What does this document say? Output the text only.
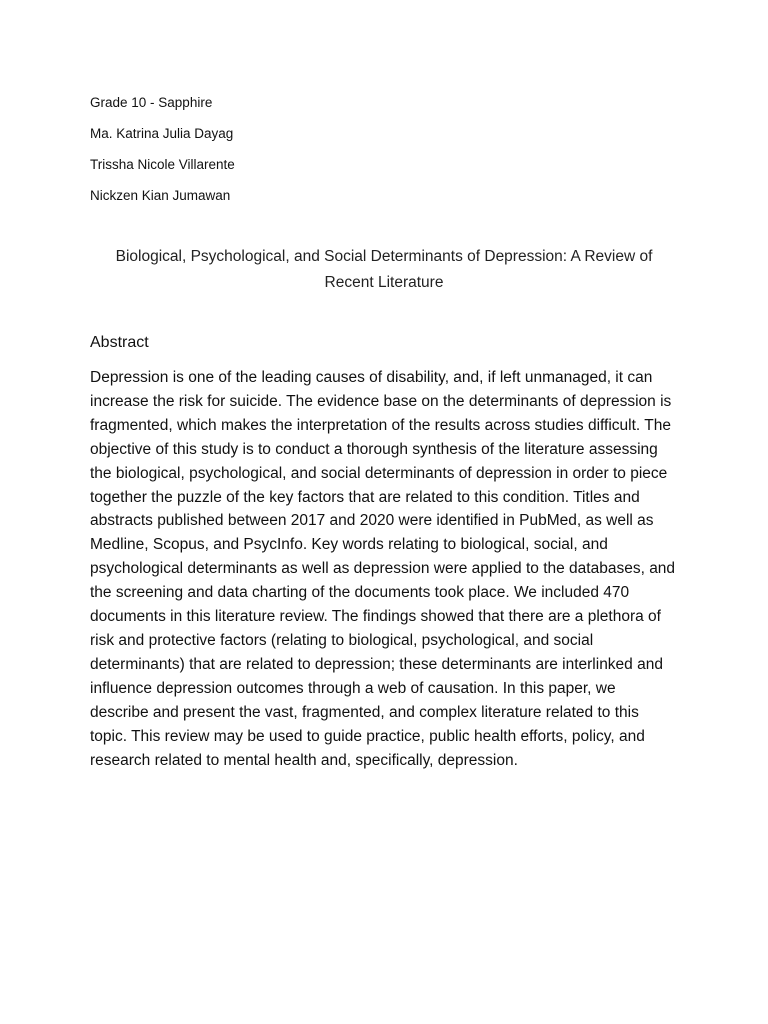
Grade 10 - Sapphire
Ma. Katrina Julia Dayag
Trissha Nicole Villarente
Nickzen Kian Jumawan
Biological, Psychological, and Social Determinants of Depression: A Review of Recent Literature
Abstract

Depression is one of the leading causes of disability, and, if left unmanaged, it can increase the risk for suicide. The evidence base on the determinants of depression is fragmented, which makes the interpretation of the results across studies difficult. The objective of this study is to conduct a thorough synthesis of the literature assessing the biological, psychological, and social determinants of depression in order to piece together the puzzle of the key factors that are related to this condition. Titles and abstracts published between 2017 and 2020 were identified in PubMed, as well as Medline, Scopus, and PsycInfo. Key words relating to biological, social, and psychological determinants as well as depression were applied to the databases, and the screening and data charting of the documents took place. We included 470 documents in this literature review. The findings showed that there are a plethora of risk and protective factors (relating to biological, psychological, and social determinants) that are related to depression; these determinants are interlinked and influence depression outcomes through a web of causation. In this paper, we describe and present the vast, fragmented, and complex literature related to this topic. This review may be used to guide practice, public health efforts, policy, and research related to mental health and, specifically, depression.
